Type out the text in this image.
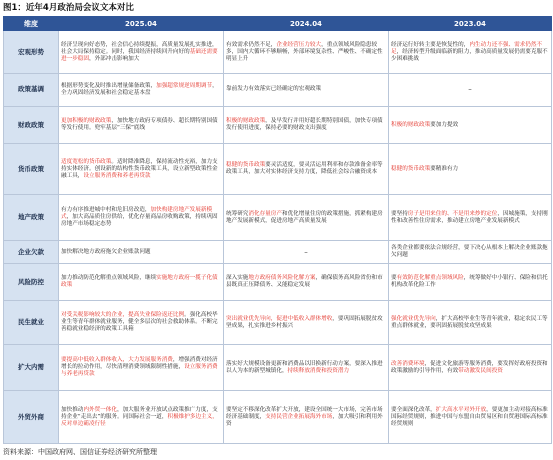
图1：近年4月政治局会议文本对比
维度	2025.04	2024.04	2023.04
宏观形势	经济呈现向好态势，社会信心持续提振，高质量发展扎实推进，社会大局保持稳定。同时，我国经济持续回升向好的基础还需要进一步稳固，外部冲击影响加大	有效需求仍然不足，企业经营压力较大，重点领域风险隐患较多，国内大循环不够顺畅，外部环境复杂性、严峻性、不确定性明显上升	经济运行好转主要是恢复性的，内生动力还不强、需求仍然不足，经济转型升级面临新的阻力，推动高质量发展仍需要克服不少困难挑战
政策基调	根据形势变化及时推出增量储备政策，加强超常规逆周期调节，全力巩固经济发展和社会稳定基本盘	靠前发力有效落实已经确定的宏观政策	–
财政政策	更加积极的财政政策，加快地方政府专项债券、超长期特别国债等发行使用。兜牢基层“三保”底线	积极的财政政策，及早发行并用好超长期特别国债，加快专项债发行使用进度，保持必要的财政支出强度	积极的财政政策要加力提效
货币政策	适度宽松的货币政策。适时降准降息，保持流动性充裕，加力支持实体经济。创设新的结构性货币政策工具，设立新型政策性金融工具，设立服务消费和养老再贷款	稳健的货币政策要灵活适度，要灵活运用利率和存款准备金率等政策工具，加大对实体经济支持力度，降低社会综合融资成本	稳健的货币政策要精准有力
地产政策	有力有序推进城中村和危旧房改造，加快构建房地产发展新模式，加大高品质住房供给，优化存量商品房收购政策，持续巩固房地产市场稳定态势	统筹研究消化存量房产和优化增量住房的政策措施，抓紧构建房地产发展新模式，促进房地产高质量发展	要坚持房子是用来住的、不是用来炒的定位，因城施策，支持刚性和改善性住房需求，推动建立房地产业发展新模式
企业欠款	加快解决地方政府拖欠企业账款问题	–	各类企业都要依法合规经营，要下决心从根本上解决企业账款拖欠问题
风险防控	加力推动防范化解重点领域风险，继续实施地方政府一揽子化债政策	深入实施地方政府债务风险化解方案，确保债务高风险省份和市县既真正压降债务、又能稳定发展	要有效防范化解重点领域风险，统筹做好中小银行、保险和信托机构改革化险工作
民生就业	对受关税影响较大的企业，提高失业保险返还比例。强化高校毕业生等青年群体就业服务，健全多层次的社会救助体系。不断完善稳就业稳经济的政策工具箱	突出就业优先导向，促进中低收入群体增收，要巩固拓展脱贫攻坚成果，扎实推进乡村振兴	强化就业优先导向，扩大高校毕业生等青年就业，稳定农民工等重点群体就业，要巩固拓展脱贫攻坚成果
扩大内需	要提高中低收入群体收入，大力发展服务消费，增强消费对经济增长的拉动作用，尽快清理消费领域限制性措施，设立服务消费与养老再贷款	落实好大规模设备更新和消费品以旧换新行动方案，要深入推进以人为本的新型城镇化，持续释放消费和投资潜力	改善消费环境，促进文化旅游等服务消费，要发挥好政府投资和政策激励的引导作用，有效带动激发民间投资
外贸外商	加快推动内外贸一体化，加大服务业开放试点政策推广力度，支持企业“走出去”的服务。同国际社会一道，积极维护多边主义，反对单边霸凌行径	要坚定不移深化改革扩大开放，建设全国统一大市场，完善市场经济基础制度，支持民营企业拓展海外市场，加大吸引和利用外资	要全面深化改革，扩大高水平对外开放，要更加主动对接高标准国际经贸规则，推进中国与东盟自由贸易区和自贸港国际高标准经贸规则
资料来源：中国政府网、国信证券经济研究所整理
